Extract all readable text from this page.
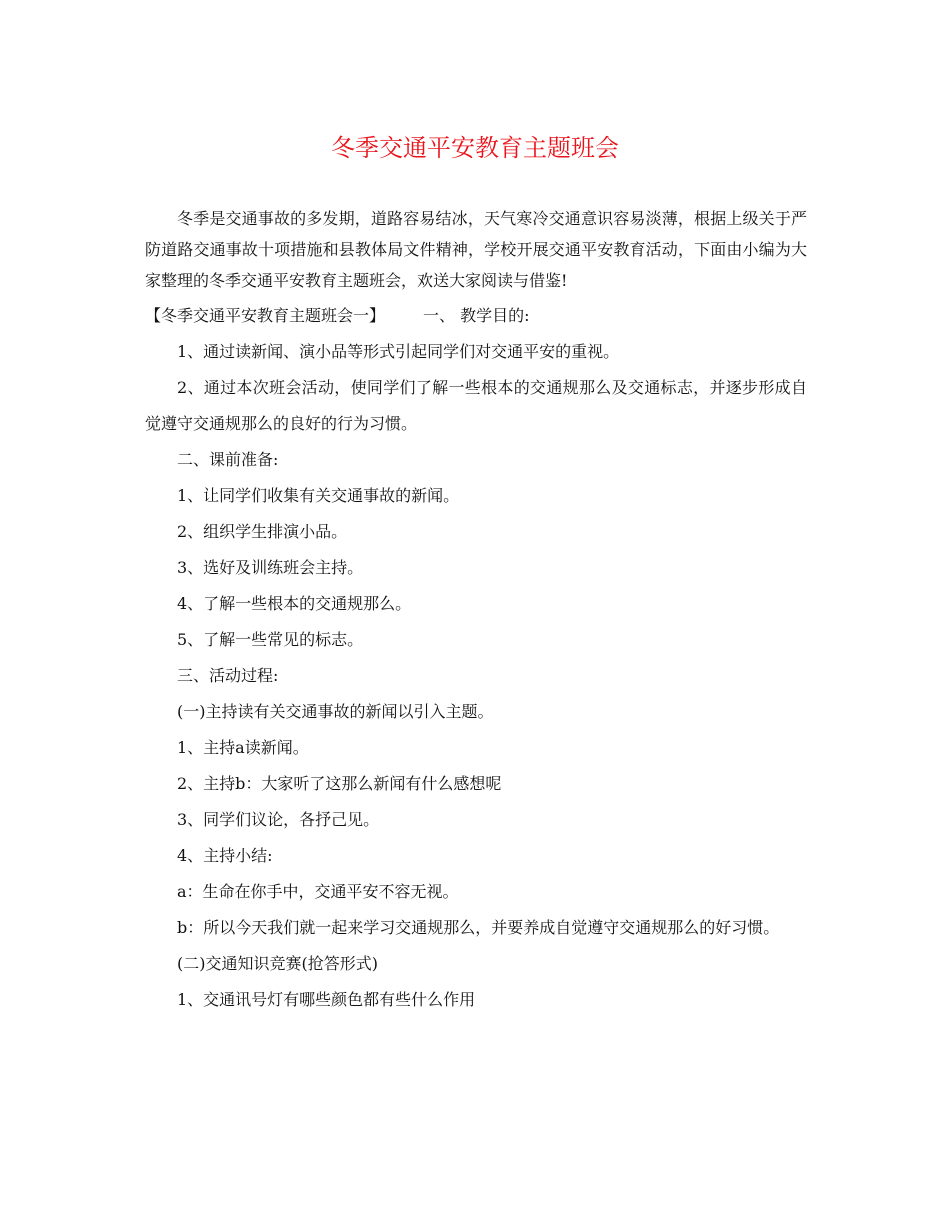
冬季交通平安教育主题班会

冬季是交通事故的多发期，道路容易结冰，天气寒冷交通意识容易淡薄，根据上级关于严防道路交通事故十项措施和县教体局文件精神，学校开展交通平安教育活动，下面由小编为大家整理的冬季交通平安教育主题班会，欢送大家阅读与借鉴!

【冬季交通平安教育主题班会一】 一、 教学目的:

1、通过读新闻、演小品等形式引起同学们对交通平安的重视。

2、通过本次班会活动，使同学们了解一些根本的交通规那么及交通标志，并逐步形成自觉遵守交通规那么的良好的行为习惯。

二、课前准备:

1、让同学们收集有关交通事故的新闻。

2、组织学生排演小品。

3、选好及训练班会主持。

4、了解一些根本的交通规那么。

5、了解一些常见的标志。

三、活动过程:

(一)主持读有关交通事故的新闻以引入主题。

1、主持a读新闻。

2、主持b：大家听了这那么新闻有什么感想呢

3、同学们议论，各抒己见。

4、主持小结:

a：生命在你手中，交通平安不容无视。

b：所以今天我们就一起来学习交通规那么，并要养成自觉遵守交通规那么的好习惯。

(二)交通知识竞赛(抢答形式)

1、交通讯号灯有哪些颜色都有些什么作用
